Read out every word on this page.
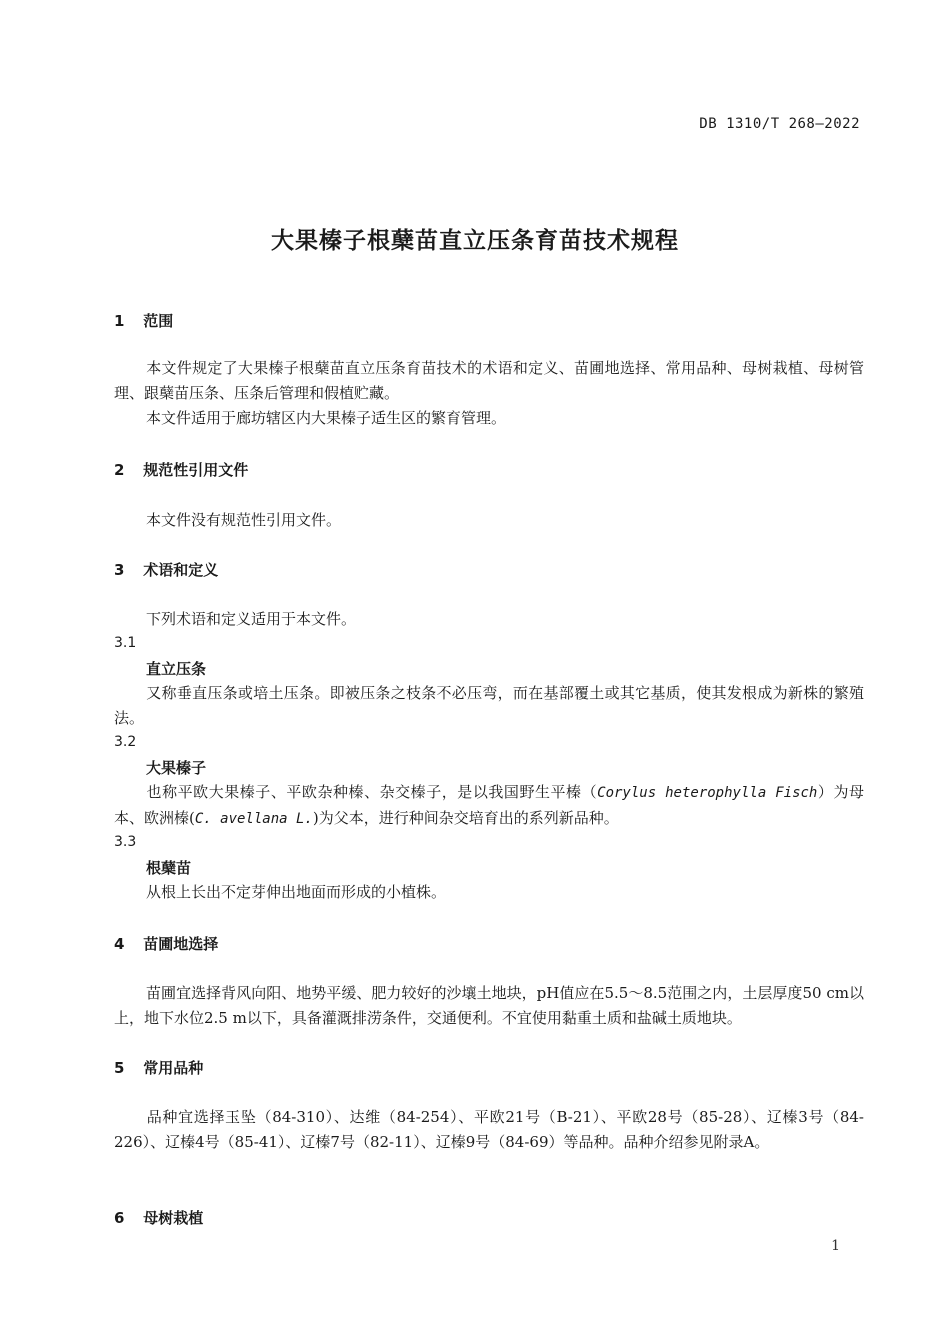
DB 1310/T 268—2022
大果榛子根蘖苗直立压条育苗技术规程
1 范围
本文件规定了大果榛子根蘖苗直立压条育苗技术的术语和定义、苗圃地选择、常用品种、母树栽植、母树管理、跟蘖苗压条、压条后管理和假植贮藏。
本文件适用于廊坊辖区内大果榛子适生区的繁育管理。
2 规范性引用文件
本文件没有规范性引用文件。
3 术语和定义
下列术语和定义适用于本文件。
3.1
直立压条
又称垂直压条或培土压条。即被压条之枝条不必压弯，而在基部覆土或其它基质，使其发根成为新株的繁殖法。
3.2
大果榛子
也称平欧大果榛子、平欧杂种榛、杂交榛子，是以我国野生平榛（Corylus heterophylla Fisch）为母本、欧洲榛(C. avellana L.)为父本，进行种间杂交培育出的系列新品种。
3.3
根蘖苗
从根上长出不定芽伸出地面而形成的小植株。
4 苗圃地选择
苗圃宜选择背风向阳、地势平缓、肥力较好的沙壤土地块，pH值应在5.5～8.5范围之内，土层厚度50 cm以上，地下水位2.5 m以下，具备灌溉排涝条件，交通便利。不宜使用黏重土质和盐碱土质地块。
5 常用品种
品种宜选择玉坠（84-310）、达维（84-254）、平欧21号（B-21）、平欧28号（85-28）、辽榛3号（84-226）、辽榛4号（85-41）、辽榛7号（82-11）、辽榛9号（84-69）等品种。品种介绍参见附录A。
6 母树栽植
1
